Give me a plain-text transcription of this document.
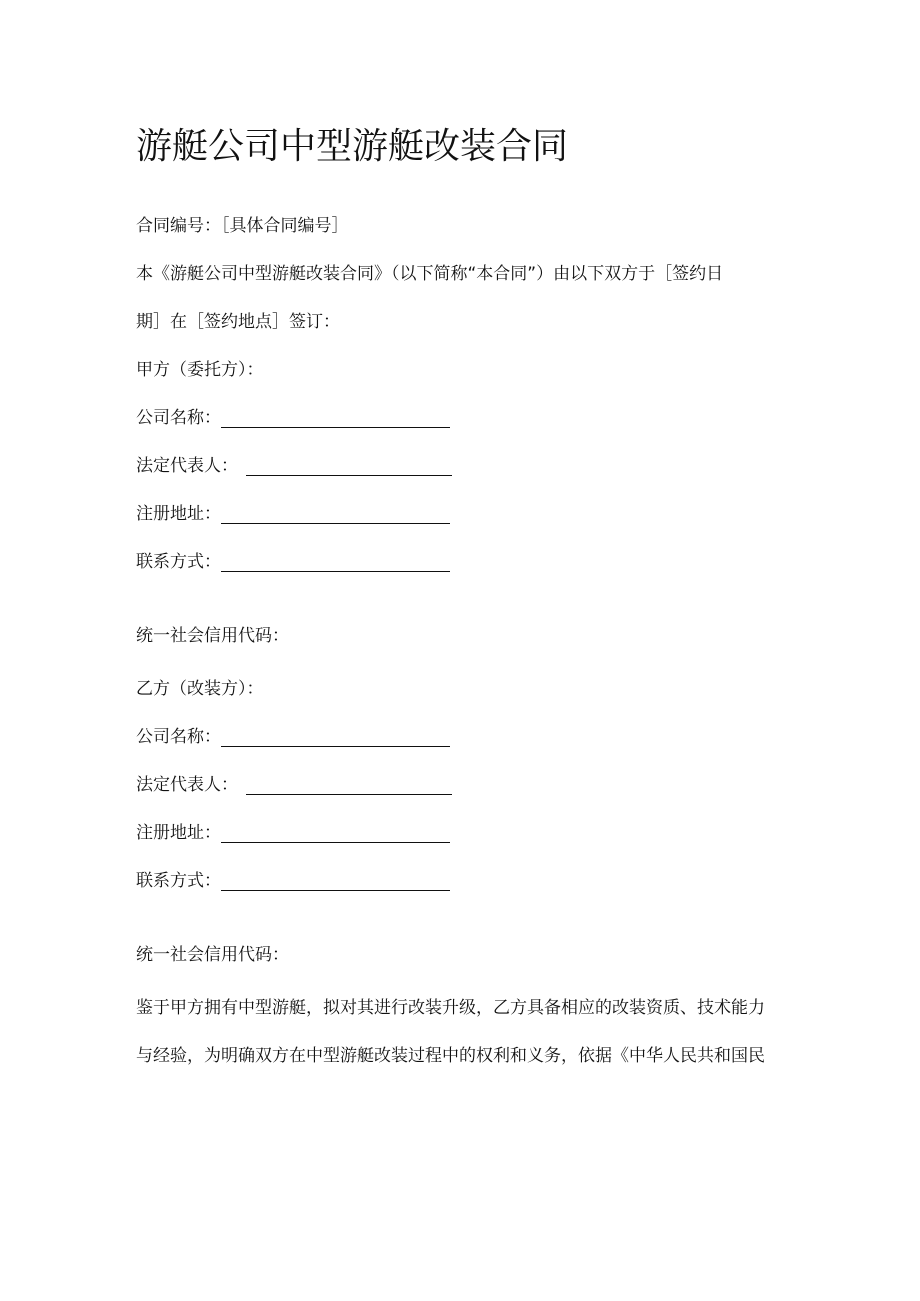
游艇公司中型游艇改装合同
合同编号：［具体合同编号］
本《游艇公司中型游艇改装合同》（以下简称“本合同”）由以下双方于［签约日
期］在［签约地点］签订：
甲方（委托方）：
公司名称：
法定代表人：
注册地址：
联系方式：
统一社会信用代码：
乙方（改装方）：
公司名称：
法定代表人：
注册地址：
联系方式：
统一社会信用代码：
鉴于甲方拥有中型游艇，拟对其进行改装升级，乙方具备相应的改装资质、技术能力
与经验，为明确双方在中型游艇改装过程中的权利和义务，依据《中华人民共和国民
